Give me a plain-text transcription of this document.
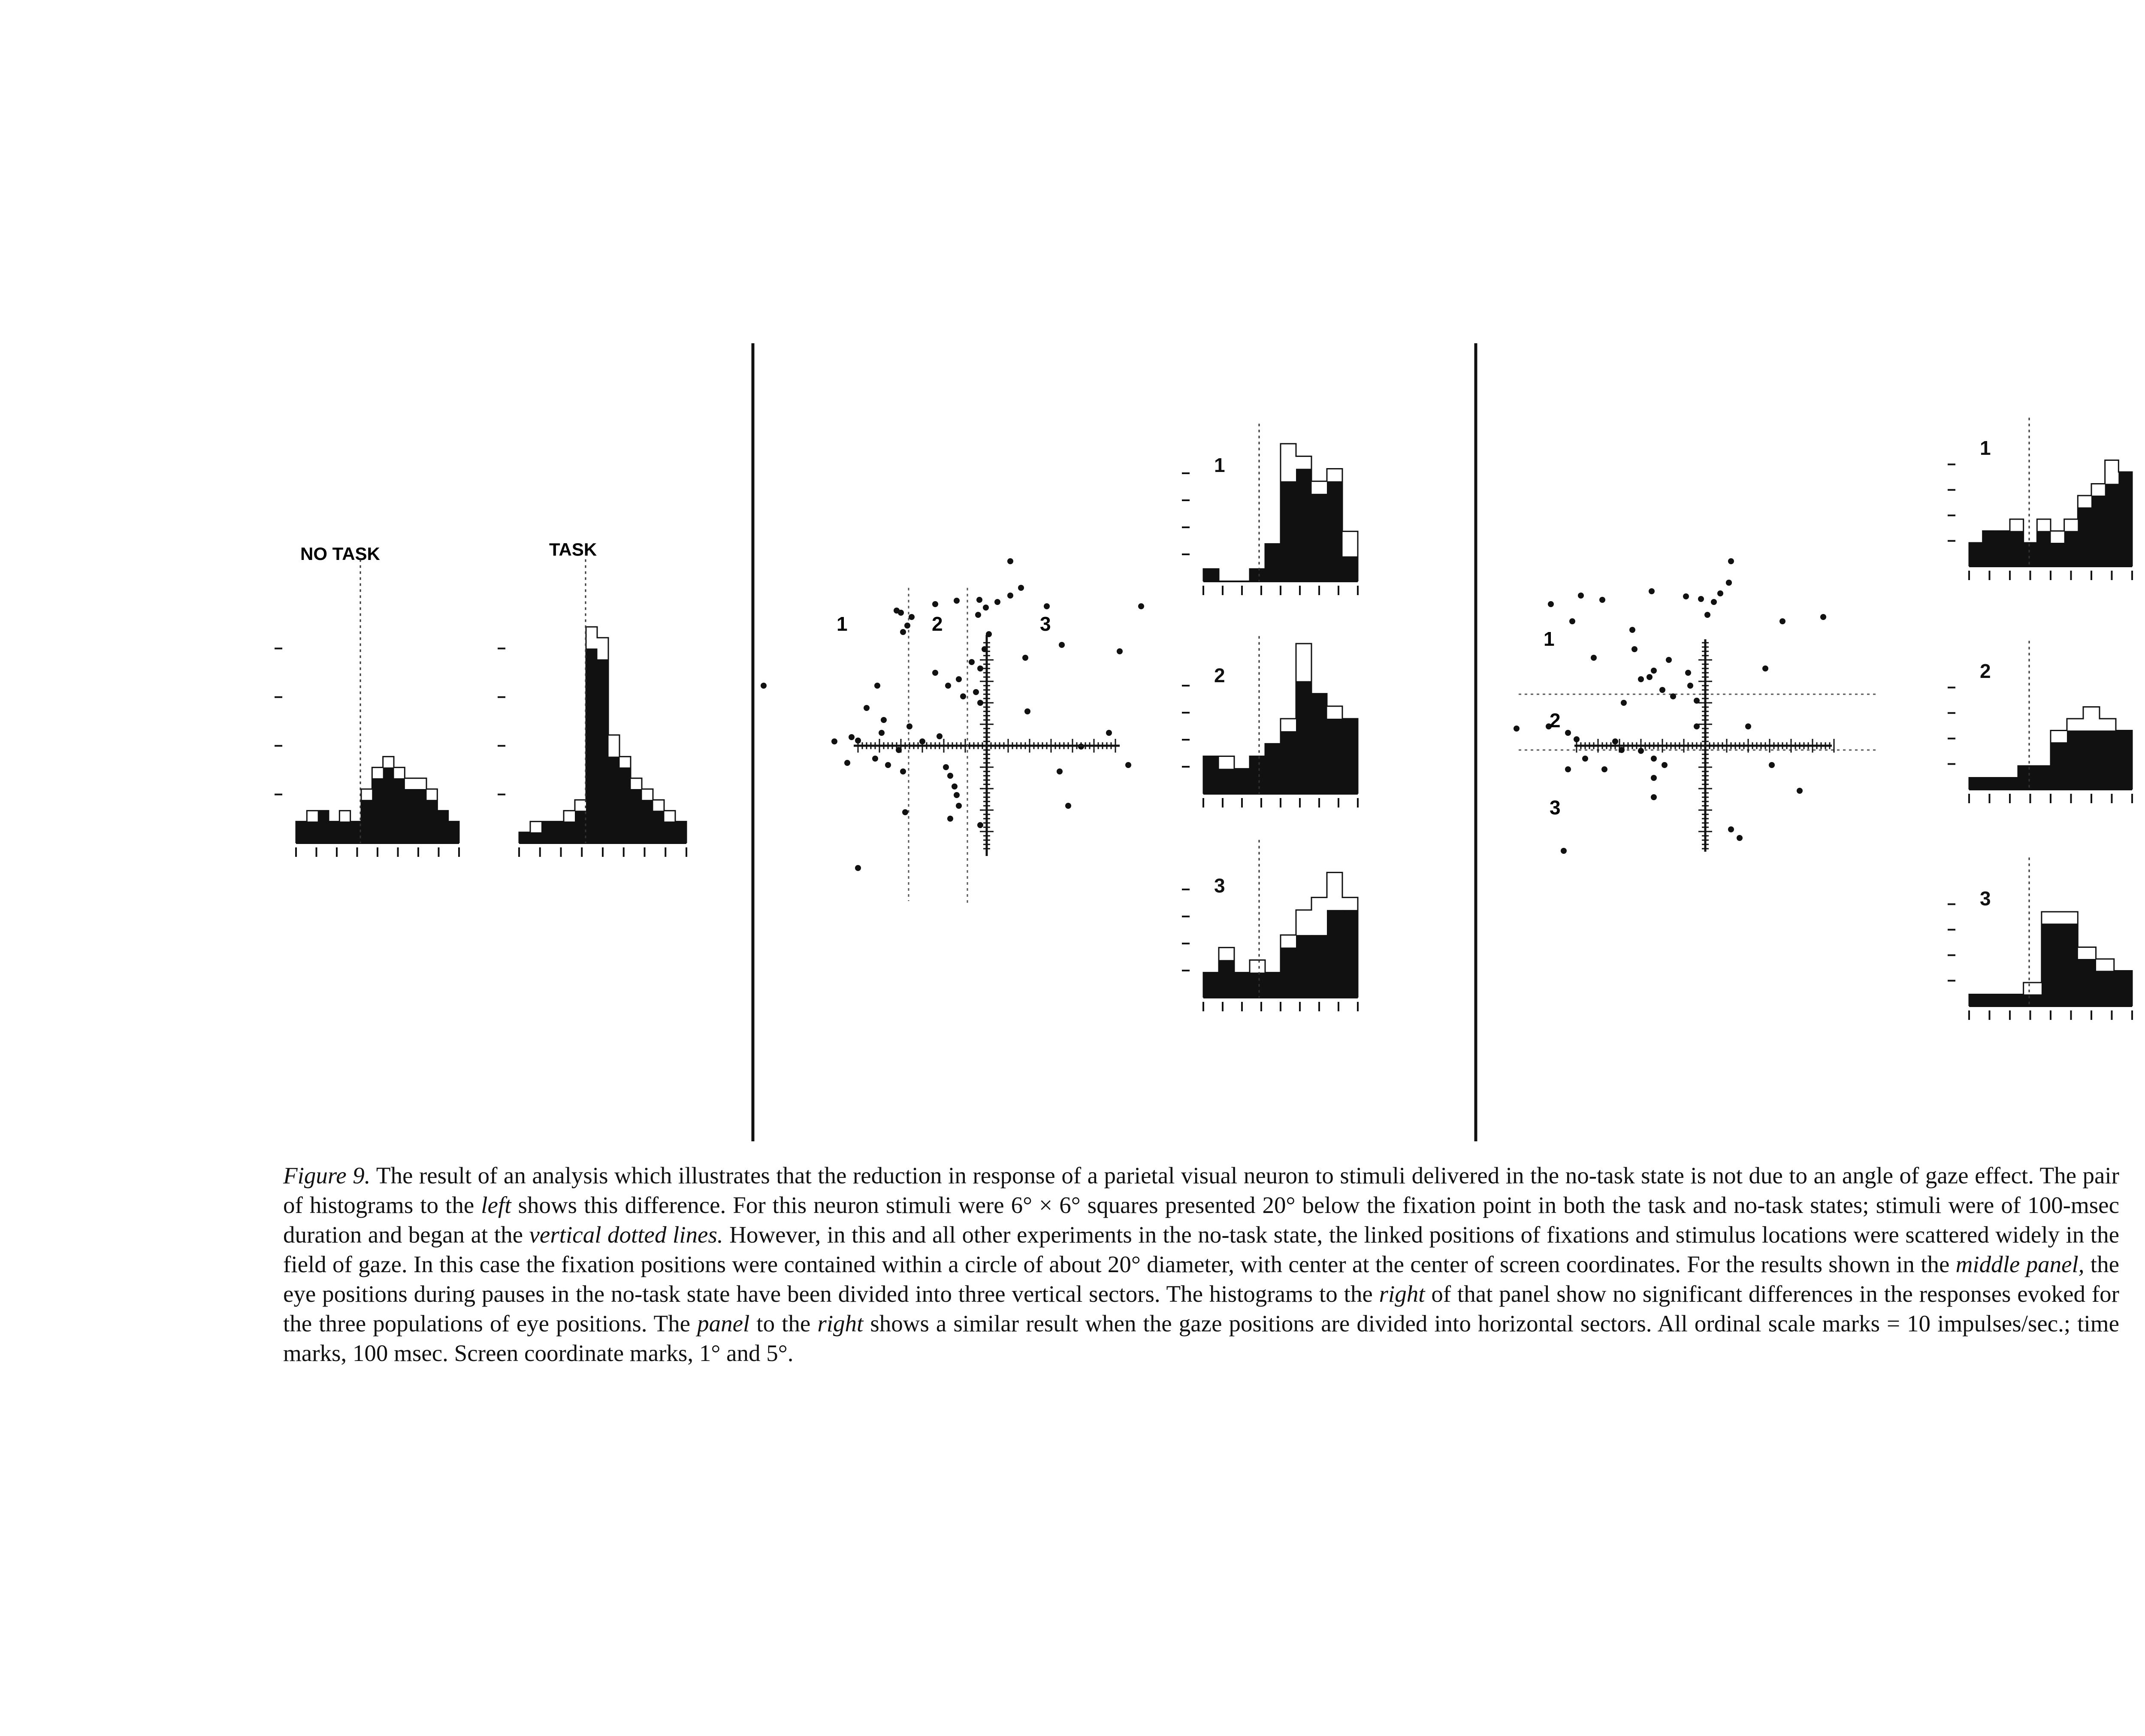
NO TASK	TASK
1
2
3
1
2
3
1	2	3
1
2
3
Figure 9. The result of an analysis which illustrates that the reduction in response of a parietal visual neuron to stimuli delivered in the no-task state is not due to an angle of gaze effect. The pair of histograms to the left shows this difference. For this neuron stimuli were 6° × 6° squares presented 20° below the fixation point in both the task and no-task states; stimuli were of 100-msec duration and began at the vertical dotted lines. However, in this and all other experiments in the no-task state, the linked positions of fixations and stimulus locations were scattered widely in the field of gaze. In this case the fixation positions were contained within a circle of about 20° diameter, with center at the center of screen coordinates. For the results shown in the middle panel, the eye positions during pauses in the no-task state have been divided into three vertical sectors. The histograms to the right of that panel show no significant differences in the responses evoked for the three populations of eye positions. The panel to the right shows a similar result when the gaze positions are divided into horizontal sectors. All ordinal scale marks = 10 impulses/sec.; time marks, 100 msec. Screen coordinate marks, 1° and 5°.
